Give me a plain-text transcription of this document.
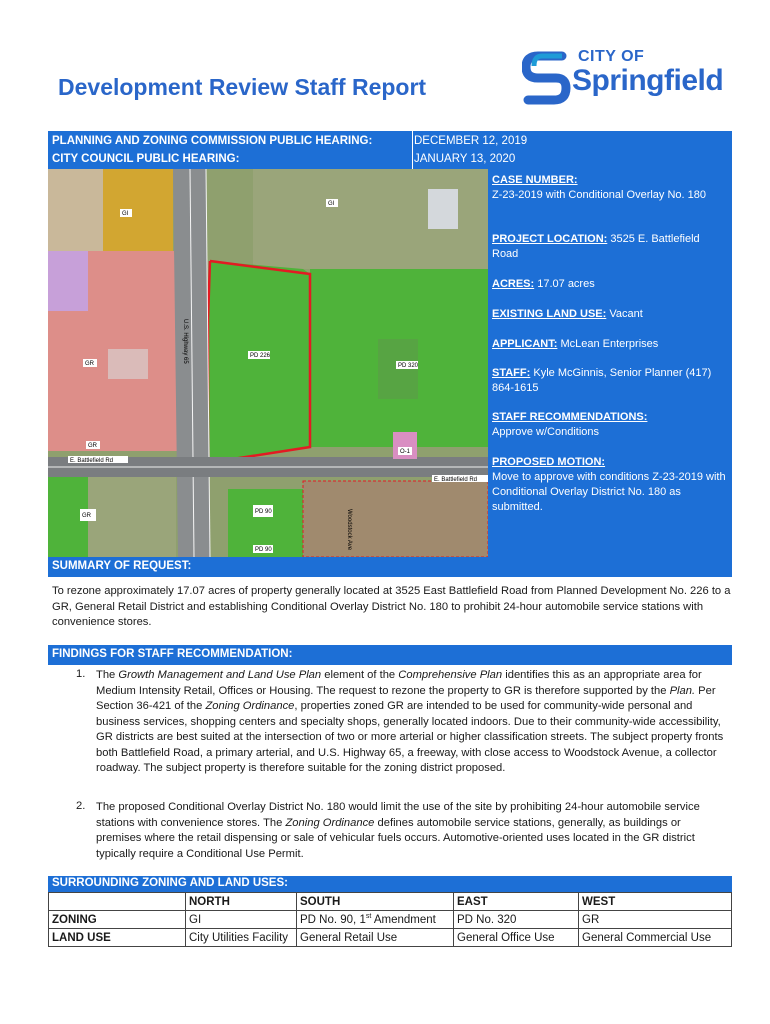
Development Review Staff Report
CITY OF
Springfield
PLANNING AND ZONING COMMISSION PUBLIC HEARING:	DECEMBER 12, 2019
CITY COUNCIL PUBLIC HEARING:	JANUARY 13, 2020
GI
GI
GR
PD 226
PD 320
O-1
GR
PD 90
GR
PD 90
E. Battlefield Rd
E. Battlefield Rd
U.S. Highway 65
Woodstock Ave
CASE NUMBER:
Z-23-2019 with Conditional Overlay No. 180
PROJECT LOCATION: 3525 E. Battlefield Road
ACRES: 17.07 acres
EXISTING LAND USE: Vacant
APPLICANT: McLean Enterprises
STAFF: Kyle McGinnis, Senior Planner (417) 864-1615
STAFF RECOMMENDATIONS:
Approve w/Conditions
PROPOSED MOTION:
Move to approve with conditions Z-23-2019 with Conditional Overlay District No. 180 as submitted.
SUMMARY OF REQUEST:
To rezone approximately 17.07 acres of property generally located at 3525 East Battlefield Road from Planned Development No. 226 to a GR, General Retail District and establishing Conditional Overlay District No. 180 to prohibit 24-hour automobile service stations with convenience stores.
FINDINGS FOR STAFF RECOMMENDATION:
1. The Growth Management and Land Use Plan element of the Comprehensive Plan identifies this as an appropriate area for Medium Intensity Retail, Offices or Housing. The request to rezone the property to GR is therefore supported by the Plan. Per Section 36-421 of the Zoning Ordinance, properties zoned GR are intended to be used for community-wide personal and business services, shopping centers and specialty shops, generally located indoors. Due to their community-wide accessibility, GR districts are best suited at the intersection of two or more arterial or higher classification streets. The subject property fronts both Battlefield Road, a primary arterial, and U.S. Highway 65, a freeway, with close access to Woodstock Avenue, a collector roadway. The subject property is therefore suitable for the zoning district proposed.
2. The proposed Conditional Overlay District No. 180 would limit the use of the site by prohibiting 24-hour automobile service stations with convenience stores. The Zoning Ordinance defines automobile service stations, generally, as buildings or premises where the retail dispensing or sale of vehicular fuels occurs. Automotive-oriented uses located in the GR district typically require a Conditional Use Permit.
SURROUNDING ZONING AND LAND USES:
	NORTH	SOUTH	EAST	WEST
ZONING	GI	PD No. 90, 1st Amendment	PD No. 320	GR
LAND USE	City Utilities Facility	General Retail Use	General Office Use	General Commercial Use
